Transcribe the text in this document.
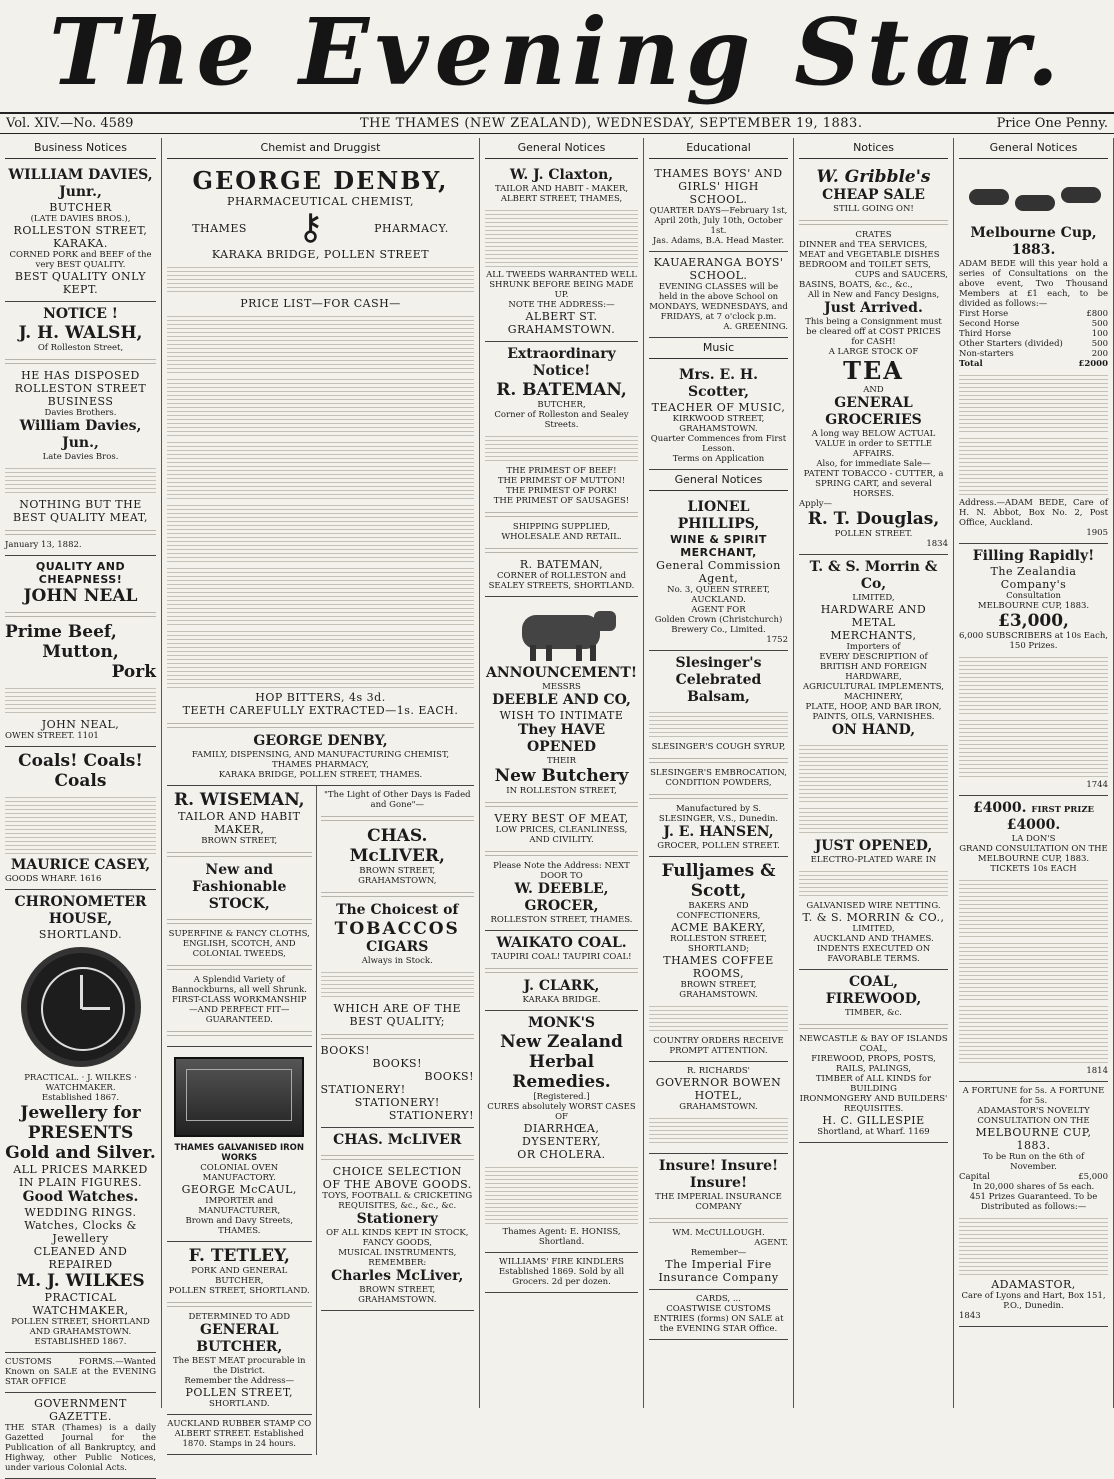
The Evening Star.
Vol. XIV.—No. 4589	THE THAMES (NEW ZEALAND), WEDNESDAY, SEPTEMBER 19, 1883.	Price One Penny.
Business Notices
WILLIAM DAVIES, Junr.,
BUTCHER
(LATE DAVIES BROS.),
ROLLESTON STREET, KARAKA.
CORNED PORK and BEEF of the very BEST QUALITY.
BEST QUALITY ONLY KEPT.
NOTICE !
J. H. WALSH,
Of Rolleston Street,
HE HAS DISPOSED
ROLLESTON STREET BUSINESS
Davies Brothers.
William Davies, Jun.,
Late Davies Bros.
NOTHING BUT THE BEST QUALITY MEAT,
January 13, 1882.
QUALITY AND CHEAPNESS!
JOHN NEAL
Prime Beef,
Mutton,
Pork
JOHN NEAL,
OWEN STREET. 1101
Coals! Coals! Coals
MAURICE CASEY,
GOODS WHARF. 1616
CHRONOMETER HOUSE,
SHORTLAND.
PRACTICAL. · J. WILKES · WATCHMAKER.
Established 1867.
Jewellery for
PRESENTS
Gold and Silver.
ALL PRICES MARKED IN PLAIN FIGURES.
Good Watches.
WEDDING RINGS.
Watches, Clocks & Jewellery
CLEANED AND REPAIRED
M. J. WILKES
PRACTICAL WATCHMAKER,
POLLEN STREET, SHORTLAND AND GRAHAMSTOWN.
ESTABLISHED 1867.
CUSTOMS FORMS.—Wanted Known on SALE at the EVENING STAR OFFICE
GOVERNMENT GAZETTE.
THE STAR (Thames) is a daily Gazetted Journal for the Publication of all Bankruptcy, and Highway, other Public Notices, under various Colonial Acts.
Chemist and Druggist
GEORGE DENBY,
PHARMACEUTICAL CHEMIST,
THAMES ⚷	PHARMACY.
KARAKA BRIDGE, POLLEN STREET
PRICE LIST—FOR CASH—
HOP BITTERS, 4s 3d.
TEETH CAREFULLY EXTRACTED—1s. EACH.
GEORGE DENBY,
FAMILY, DISPENSING, AND MANUFACTURING CHEMIST,
THAMES PHARMACY,
KARAKA BRIDGE, POLLEN STREET, THAMES.
R. WISEMAN,
TAILOR AND HABIT MAKER,
BROWN STREET,
New and Fashionable STOCK,
SUPERFINE & FANCY CLOTHS, ENGLISH, SCOTCH, AND COLONIAL TWEEDS,
A Splendid Variety of Bannockburns, all well Shrunk.
FIRST-CLASS WORKMANSHIP —AND PERFECT FIT— GUARANTEED.
THAMES GALVANISED IRON WORKS
COLONIAL OVEN MANUFACTORY.
GEORGE McCAUL,
IMPORTER and MANUFACTURER,
Brown and Davy Streets, THAMES.
F. TETLEY,
PORK AND GENERAL BUTCHER,
POLLEN STREET, SHORTLAND.
DETERMINED TO ADD
GENERAL BUTCHER,
The BEST MEAT procurable in the District.
Remember the Address—
POLLEN STREET,
SHORTLAND.
AUCKLAND RUBBER STAMP CO
ALBERT STREET. Established 1870. Stamps in 24 hours.
"The Light of Other Days is Faded and Gone"—
CHAS. McLIVER,
BROWN STREET, GRAHAMSTOWN,
The Choicest of
TOBACCOS
CIGARS
Always in Stock.
WHICH ARE OF THE BEST QUALITY;
BOOKS!
BOOKS!
BOOKS!
STATIONERY!
STATIONERY!
STATIONERY!
CHAS. McLIVER
CHOICE SELECTION
OF THE ABOVE GOODS.
TOYS, FOOTBALL & CRICKETING REQUISITES, &c., &c., &c.
Stationery
OF ALL KINDS KEPT IN STOCK,
FANCY GOODS,
MUSICAL INSTRUMENTS,
REMEMBER:
Charles McLiver,
BROWN STREET,
GRAHAMSTOWN.
General Notices
W. J. Claxton,
TAILOR AND HABIT - MAKER,
ALBERT STREET, THAMES,
ALL TWEEDS WARRANTED WELL SHRUNK BEFORE BEING MADE UP.
NOTE THE ADDRESS:—
ALBERT ST. GRAHAMSTOWN.
Extraordinary Notice!
R. BATEMAN,
BUTCHER,
Corner of Rolleston and Sealey Streets.
THE PRIMEST OF BEEF!
THE PRIMEST OF MUTTON!
THE PRIMEST OF PORK!
THE PRIMEST OF SAUSAGES!
SHIPPING SUPPLIED, WHOLESALE AND RETAIL.
R. BATEMAN,
CORNER of ROLLESTON and SEALEY STREETS, SHORTLAND.
ANNOUNCEMENT!
MESSRS
DEEBLE AND CO,
WISH TO INTIMATE
They HAVE OPENED
THEIR
New Butchery
IN ROLLESTON STREET,
VERY BEST OF MEAT,
LOW PRICES, CLEANLINESS, AND CIVILITY.
Please Note the Address: NEXT DOOR TO
W. DEEBLE, GROCER,
ROLLESTON STREET, THAMES.
WAIKATO COAL.
TAUPIRI COAL! TAUPIRI COAL!
J. CLARK,
KARAKA BRIDGE.
MONK'S
New Zealand Herbal Remedies.
[Registered.]
CURES absolutely WORST CASES OF
DIARRHŒA,
DYSENTERY,
OR CHOLERA.
Thames Agent: E. HONISS, Shortland.
WILLIAMS' FIRE KINDLERS Established 1869. Sold by all Grocers. 2d per dozen.
Educational
THAMES BOYS' AND GIRLS' HIGH SCHOOL.
QUARTER DAYS—February 1st, April 20th, July 10th, October 1st.
Jas. Adams, B.A. Head Master.
KAUAERANGA BOYS' SCHOOL.
EVENING CLASSES will be held in the above School on MONDAYS, WEDNESDAYS, and FRIDAYS, at 7 o'clock p.m.
A. GREENING.
Music
Mrs. E. H. Scotter,
TEACHER OF MUSIC,
KIRKWOOD STREET, GRAHAMSTOWN.
Quarter Commences from First Lesson.
Terms on Application
General Notices
LIONEL PHILLIPS,
WINE & SPIRIT MERCHANT,
General Commission Agent,
No. 3, QUEEN STREET, AUCKLAND.
AGENT FOR
Golden Crown (Christchurch) Brewery Co., Limited.
1752
Slesinger's Celebrated Balsam,
SLESINGER'S COUGH SYRUP,
SLESINGER'S EMBROCATION,
CONDITION POWDERS,
Manufactured by S. SLESINGER, V.S., Dunedin.
J. E. HANSEN,
GROCER, POLLEN STREET.
Fulljames & Scott,
BAKERS AND CONFECTIONERS,
ACME BAKERY,
ROLLESTON STREET, SHORTLAND;
THAMES COFFEE ROOMS,
BROWN STREET, GRAHAMSTOWN.
COUNTRY ORDERS RECEIVE PROMPT ATTENTION.
R. RICHARDS'
GOVERNOR BOWEN HOTEL,
GRAHAMSTOWN.
Insure! Insure! Insure!
THE IMPERIAL INSURANCE COMPANY
WM. McCULLOUGH.
AGENT.
Remember—
The Imperial Fire Insurance Company
CARDS, ...
COASTWISE CUSTOMS ENTRIES (forms) ON SALE at the EVENING STAR Office.
Notices
W. Gribble's
CHEAP SALE
STILL GOING ON!
CRATES
DINNER and TEA SERVICES,
MEAT and VEGETABLE DISHES
BEDROOM and TOILET SETS,
CUPS and SAUCERS,
BASINS, BOATS, &c., &c.,
All in New and Fancy Designs,
Just Arrived.
This being a Consignment must be cleared off at COST PRICES for CASH!
A LARGE STOCK OF
TEA
AND
GENERAL
GROCERIES
A long way BELOW ACTUAL VALUE in order to SETTLE AFFAIRS.
Also, for immediate Sale—
PATENT TOBACCO - CUTTER, a SPRING CART, and several HORSES.
Apply—
R. T. Douglas,
POLLEN STREET.
1834
T. & S. Morrin & Co,
LIMITED,
HARDWARE AND METAL
MERCHANTS,
Importers of
EVERY DESCRIPTION of BRITISH AND FOREIGN HARDWARE,
AGRICULTURAL IMPLEMENTS, MACHINERY,
PLATE, HOOP, AND BAR IRON,
PAINTS, OILS, VARNISHES.
ON HAND,
JUST OPENED,
ELECTRO-PLATED WARE IN
GALVANISED WIRE NETTING.
T. & S. MORRIN & CO.,
LIMITED,
AUCKLAND AND THAMES.
INDENTS EXECUTED ON FAVORABLE TERMS.
COAL, FIREWOOD,
TIMBER, &c.
NEWCASTLE & BAY OF ISLANDS COAL,
FIREWOOD, PROPS, POSTS, RAILS, PALINGS,
TIMBER of ALL KINDS for BUILDING
IRONMONGERY AND BUILDERS' REQUISITES.
H. C. GILLESPIE
Shortland, at Wharf. 1169
General Notices
Melbourne Cup, 1883.
ADAM BEDE will this year hold a series of Consultations on the above event, Two Thousand Members at £1 each, to be divided as follows:—
First Horse	£800
Second Horse	500
Third Horse	100
Other Starters (divided)	500
Non-starters	200
Total	£2000
Address.—ADAM BEDE, Care of H. N. Abbot, Box No. 2, Post Office, Auckland.
1905
Filling Rapidly!
The Zealandia Company's
Consultation
MELBOURNE CUP, 1883.
£3,000,
6,000 SUBSCRIBERS at 10s Each, 150 Prizes.
1744
£4000. FIRST PRIZE £4000.
LA DON'S
GRAND CONSULTATION ON THE MELBOURNE CUP, 1883.
TICKETS 10s EACH
1814
A FORTUNE for 5s. A FORTUNE for 5s.
ADAMASTOR'S NOVELTY CONSULTATION ON THE
MELBOURNE CUP, 1883.
To be Run on the 6th of November.
Capital	£5,000
In 20,000 shares of 5s each.
451 Prizes Guaranteed. To be Distributed as follows:—
ADAMASTOR,
Care of Lyons and Hart, Box 151, P.O., Dunedin.
1843
